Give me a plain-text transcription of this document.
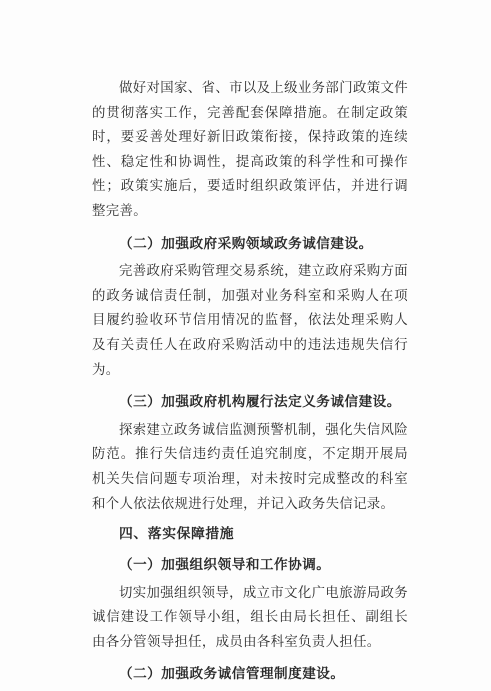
做好对国家、省、市以及上级业务部门政策文件的贯彻落实工作，完善配套保障措施。在制定政策时，要妥善处理好新旧政策衔接，保持政策的连续性、稳定性和协调性，提高政策的科学性和可操作性；政策实施后，要适时组织政策评估，并进行调整完善。

（二）加强政府采购领域政务诚信建设。

完善政府采购管理交易系统，建立政府采购方面的政务诚信责任制，加强对业务科室和采购人在项目履约验收环节信用情况的监督，依法处理采购人及有关责任人在政府采购活动中的违法违规失信行为。

（三）加强政府机构履行法定义务诚信建设。

探索建立政务诚信监测预警机制，强化失信风险防范。推行失信违约责任追究制度，不定期开展局机关失信问题专项治理，对未按时完成整改的科室和个人依法依规进行处理，并记入政务失信记录。

四、落实保障措施

（一）加强组织领导和工作协调。

切实加强组织领导，成立市文化广电旅游局政务诚信建设工作领导小组，组长由局长担任、副组长由各分管领导担任，成员由各科室负责人担任。

（二）加强政务诚信管理制度建设。
